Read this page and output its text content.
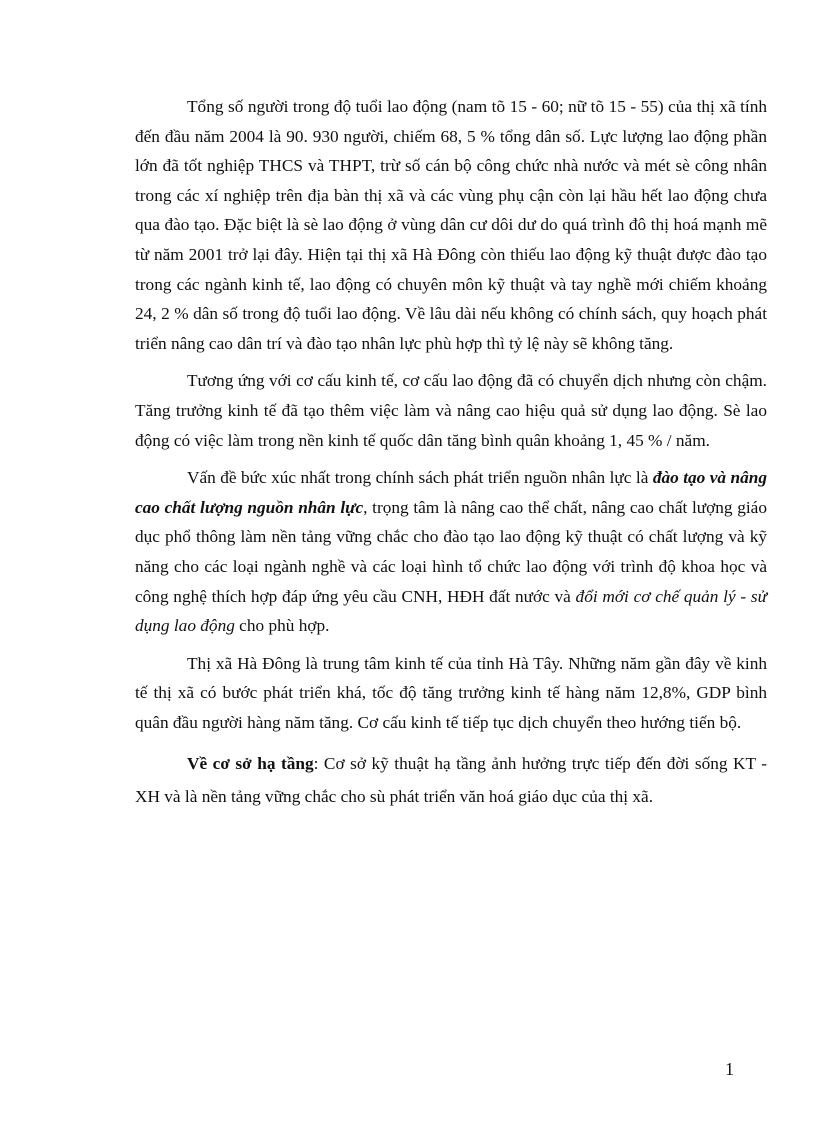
Tổng số người trong độ tuổi lao động (nam tõ 15 - 60; nữ tõ 15 - 55) của thị xã tính đến đầu năm 2004 là 90. 930 người, chiếm 68, 5 % tổng dân số. Lực lượng lao động phần lớn đã tốt nghiệp THCS và THPT, trừ số cán bộ công chức nhà nước và mét sè công nhân trong các xí nghiệp trên địa bàn thị xã và các vùng phụ cận còn lại hầu hết lao động chưa qua đào tạo. Đặc biệt là sè lao động ở vùng dân cư dôi dư do quá trình đô thị hoá mạnh mẽ từ năm 2001 trở lại đây. Hiện tại thị xã Hà Đông còn thiếu lao động kỹ thuật được đào tạo trong các ngành kinh tế, lao động có chuyên môn kỹ thuật và tay nghề mới chiếm khoảng 24, 2 % dân số trong độ tuổi lao động. Về lâu dài nếu không có chính sách, quy hoạch phát triển nâng cao dân trí và đào tạo nhân lực phù hợp thì tỷ lệ này sẽ không tăng.

Tương ứng với cơ cấu kinh tế, cơ cấu lao động đã có chuyển dịch nhưng còn chậm. Tăng trưởng kinh tế đã tạo thêm việc làm và nâng cao hiệu quả sử dụng lao động. Sè lao động có việc làm trong nền kinh tế quốc dân tăng bình quân khoảng 1, 45 % / năm.

Vấn đề bức xúc nhất trong chính sách phát triển nguồn nhân lực là đào tạo và nâng cao chất lượng nguồn nhân lực, trọng tâm là nâng cao thể chất, nâng cao chất lượng giáo dục phổ thông làm nền tảng vững chắc cho đào tạo lao động kỹ thuật có chất lượng và kỹ năng cho các loại ngành nghề và các loại hình tổ chức lao động với trình độ khoa học và công nghệ thích hợp đáp ứng yêu cầu CNH, HĐH đất nước và đổi mới cơ chế quản lý - sử dụng lao động cho phù hợp.

Thị xã Hà Đông là trung tâm kinh tế của tỉnh Hà Tây. Những năm gần đây về kinh tế thị xã có bước phát triển khá, tốc độ tăng trưởng kinh tế hàng năm 12,8%, GDP bình quân đầu người hàng năm tăng. Cơ cấu kinh tế tiếp tục dịch chuyển theo hướng tiến bộ.

Về cơ sở hạ tầng: Cơ sở kỹ thuật hạ tầng ảnh hưởng trực tiếp đến đời sống KT - XH và là nền tảng vững chắc cho sù phát triển văn hoá giáo dục của thị xã.

1
